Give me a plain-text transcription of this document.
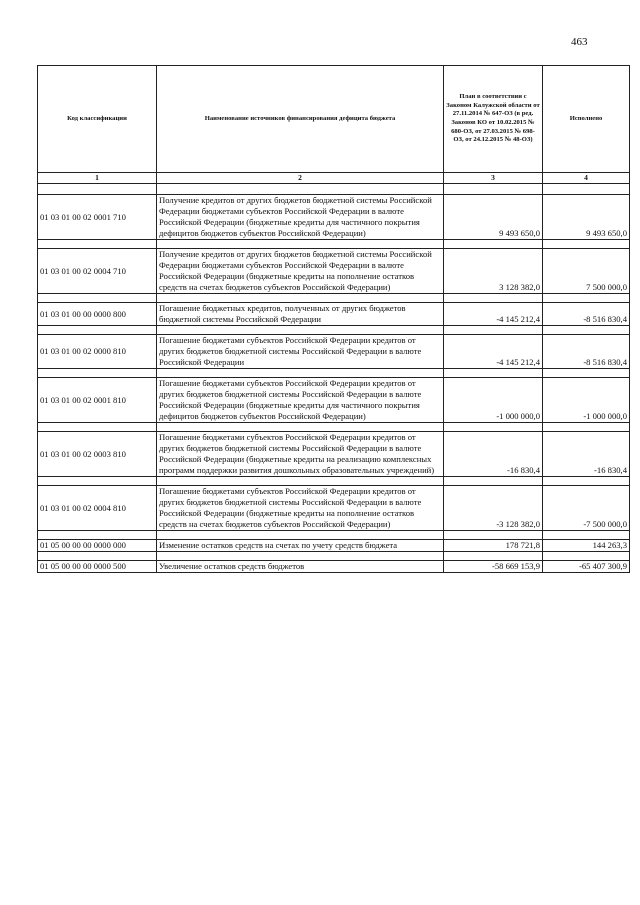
463
Код классификации	Наименование источников финансирования дефицита бюджета	План в соответствии с Законом Калужской области от 27.11.2014 № 647-ОЗ (в ред. Законов КО от 10.02.2015 № 680-ОЗ, от 27.03.2015 № 698-ОЗ, от 24.12.2015 № 48-ОЗ)	Исполнено
1	2	3	4

01 03 01 00 02 0001 710	Получение кредитов от других бюджетов бюджетной системы Российской Федерации бюджетами субъектов Российской Федерации в валюте Российской Федерации (бюджетные кредиты для частичного покрытия дефицитов бюджетов субъектов Российской Федерации)	9 493 650,0	9 493 650,0

01 03 01 00 02 0004 710	Получение кредитов от других бюджетов бюджетной системы Российской Федерации бюджетами субъектов Российской Федерации в валюте Российской Федерации (бюджетные кредиты на пополнение остатков средств на счетах бюджетов субъектов Российской Федерации)	3 128 382,0	7 500 000,0

01 03 01 00 00 0000 800	Погашение бюджетных кредитов, полученных от других бюджетов бюджетной системы Российской Федерации	-4 145 212,4	-8 516 830,4

01 03 01 00 02 0000 810	Погашение бюджетами субъектов Российской Федерации кредитов от других бюджетов бюджетной системы Российской Федерации в валюте Российской Федерации	-4 145 212,4	-8 516 830,4

01 03 01 00 02 0001 810	Погашение бюджетами субъектов Российской Федерации кредитов от других бюджетов бюджетной системы Российской Федерации в валюте Российской Федерации (бюджетные кредиты для частичного покрытия дефицитов бюджетов субъектов Российской Федерации)	-1 000 000,0	-1 000 000,0

01 03 01 00 02 0003 810	Погашение бюджетами субъектов Российской Федерации кредитов от других бюджетов бюджетной системы Российской Федерации в валюте Российской Федерации (бюджетные кредиты на реализацию комплексных программ поддержки развития дошкольных образовательных учреждений)	-16 830,4	-16 830,4

01 03 01 00 02 0004 810	Погашение бюджетами субъектов Российской Федерации кредитов от других бюджетов бюджетной системы Российской Федерации в валюте Российской Федерации (бюджетные кредиты на пополнение остатков средств на счетах бюджетов субъектов Российской Федерации)	-3 128 382,0	-7 500 000,0

01 05 00 00 00 0000 000	Изменение остатков средств на счетах по учету средств бюджета	178 721,8	144 263,3

01 05 00 00 00 0000 500	Увеличение остатков средств бюджетов	-58 669 153,9	-65 407 300,9
